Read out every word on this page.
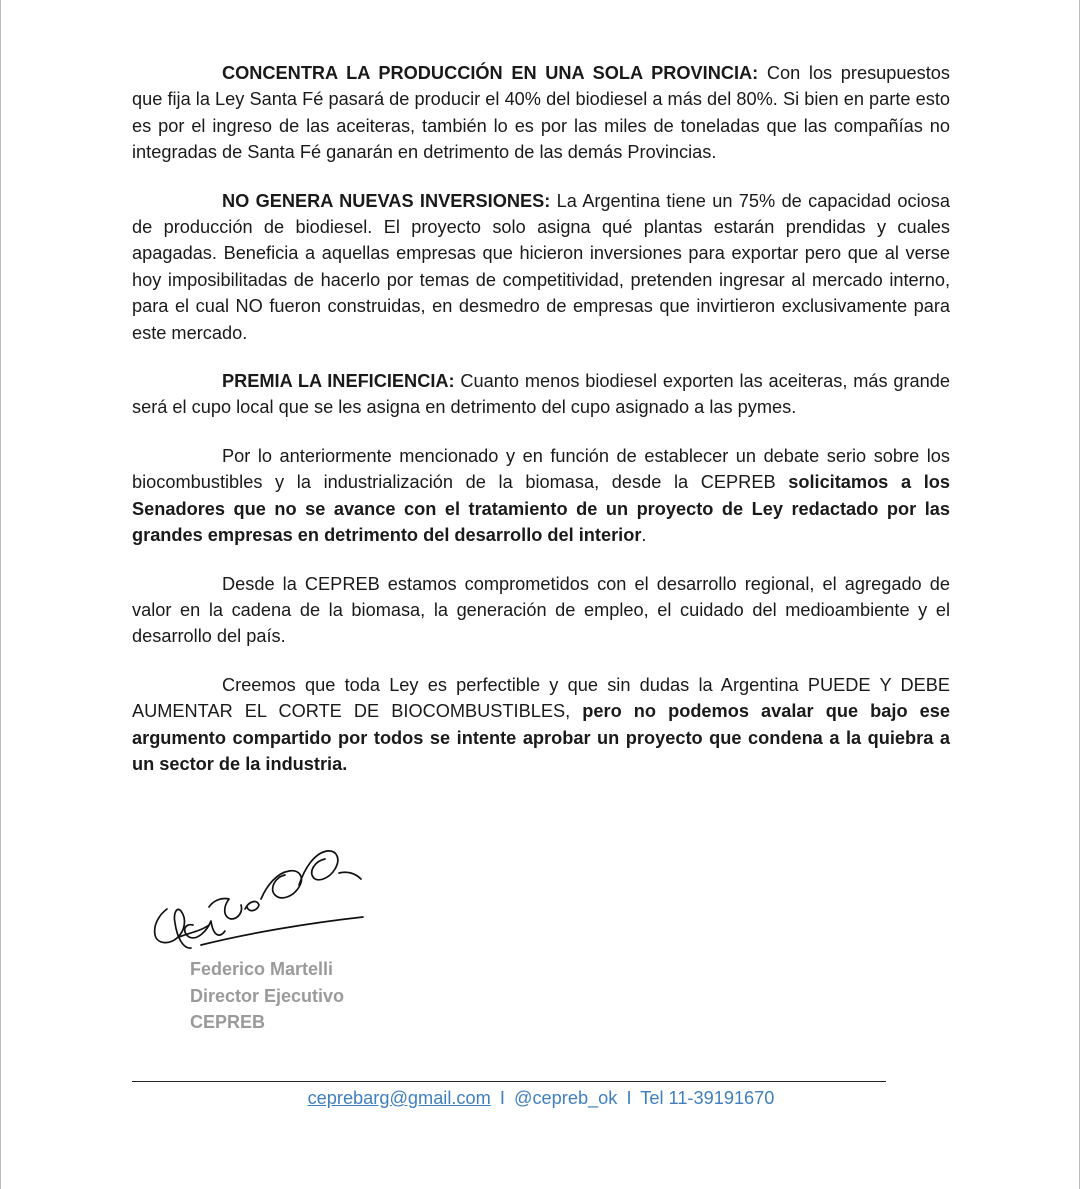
CONCENTRA LA PRODUCCIÓN EN UNA SOLA PROVINCIA: Con los presupuestos que fija la Ley Santa Fé pasará de producir el 40% del biodiesel a más del 80%. Si bien en parte esto es por el ingreso de las aceiteras, también lo es por las miles de toneladas que las compañías no integradas de Santa Fé ganarán en detrimento de las demás Provincias.

NO GENERA NUEVAS INVERSIONES: La Argentina tiene un 75% de capacidad ociosa de producción de biodiesel. El proyecto solo asigna qué plantas estarán prendidas y cuales apagadas. Beneficia a aquellas empresas que hicieron inversiones para exportar pero que al verse hoy imposibilitadas de hacerlo por temas de competitividad, pretenden ingresar al mercado interno, para el cual NO fueron construidas, en desmedro de empresas que invirtieron exclusivamente para este mercado.

PREMIA LA INEFICIENCIA: Cuanto menos biodiesel exporten las aceiteras, más grande será el cupo local que se les asigna en detrimento del cupo asignado a las pymes.

Por lo anteriormente mencionado y en función de establecer un debate serio sobre los biocombustibles y la industrialización de la biomasa, desde la CEPREB solicitamos a los Senadores que no se avance con el tratamiento de un proyecto de Ley redactado por las grandes empresas en detrimento del desarrollo del interior.

Desde la CEPREB estamos comprometidos con el desarrollo regional, el agregado de valor en la cadena de la biomasa, la generación de empleo, el cuidado del medioambiente y el desarrollo del país.

Creemos que toda Ley es perfectible y que sin dudas la Argentina PUEDE Y DEBE AUMENTAR EL CORTE DE BIOCOMBUSTIBLES, pero no podemos avalar que bajo ese argumento compartido por todos se intente aprobar un proyecto que condena a la quiebra a un sector de la industria.

Federico Martelli
Director Ejecutivo
CEPREB
ceprebarg@gmail.com I @cepreb_ok I Tel 11-39191670
